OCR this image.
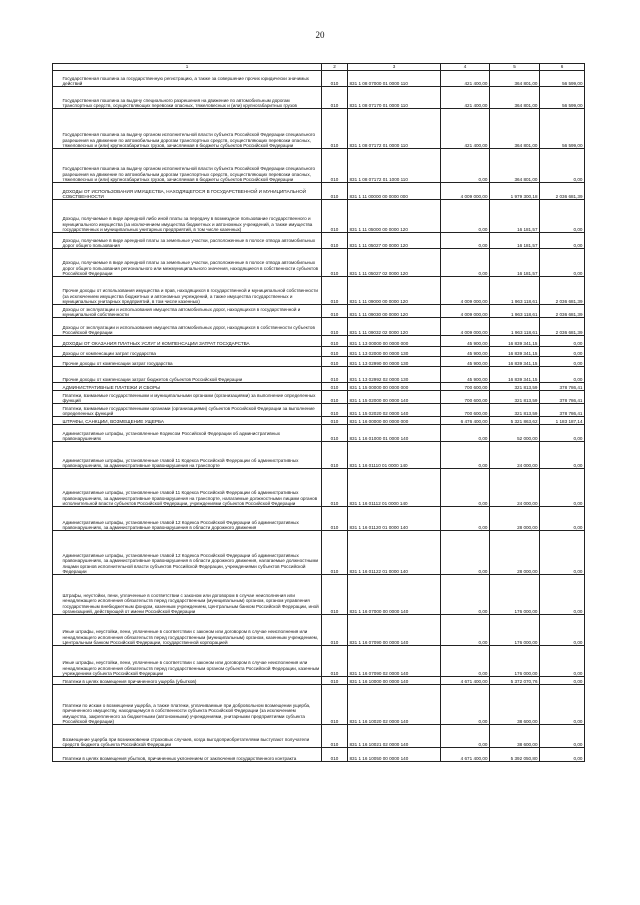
20
1	2	3	4	5	6

Государственная пошлина за государственную регистрацию, а также за совершение прочих юридически значимых действий	010	831 1 08 07000 01 0000 110	421 400,00	364 801,00	56 599,00

Государственная пошлина за выдачу специального разрешения на движение по автомобильным дорогам транспортных средств, осуществляющих перевозки опасных, тяжеловесных и (или) крупногабаритных грузов	010	831 1 08 07170 01 0000 110	421 400,00	364 801,00	56 599,00

Государственная пошлина за выдачу органом исполнительной власти субъекта Российской Федерации специального разрешения на движение по автомобильным дорогам транспортных средств, осуществляющих перевозки опасных, тяжеловесных и (или) крупногабаритных грузов, зачисляемая в бюджеты субъектов Российской Федерации	010	831 1 08 07172 01 0000 110	421 400,00	364 801,00	56 599,00

Государственная пошлина за выдачу органом исполнительной власти субъекта Российской Федерации специального разрешения на движение по автомобильным дорогам транспортных средств, осуществляющих перевозки опасных, тяжеловесных и (или) крупногабаритных грузов, зачисляемая в бюджеты субъектов Российской Федерации	010	831 1 08 07172 01 1000 110	0,00	364 801,00	0,00

ДОХОДЫ ОТ ИСПОЛЬЗОВАНИЯ ИМУЩЕСТВА, НАХОДЯЩЕГОСЯ В ГОСУДАРСТВЕННОЙ И МУНИЦИПАЛЬНОЙ СОБСТВЕННОСТИ	010	831 1 11 00000 00 0000 000	4 009 000,00	1 979 300,18	2 036 681,39

Доходы, получаемые в виде арендной либо иной платы за передачу в возмездное пользование государственного и муниципального имущества (за исключением имущества бюджетных и автономных учреждений, а также имущества государственных и муниципальных унитарных предприятий, в том числе казенных)	010	831 1 11 05000 00 0000 120	0,00	16 181,57	0,00

Доходы, получаемые в виде арендной платы за земельные участки, расположенные в полосе отвода автомобильных дорог общего пользования	010	831 1 11 05027 00 0000 120	0,00	16 181,57	0,00

Доходы, получаемые в виде арендной платы за земельные участки, расположенные в полосе отвода автомобильных дорог общего пользования регионального или межмуниципального значения, находящиеся в собственности субъектов Российской Федерации	010	831 1 11 05027 02 0000 120	0,00	16 181,57	0,00

Прочие доходы от использования имущества и прав, находящихся в государственной и муниципальной собственности (за исключением имущества бюджетных и автономных учреждений, а также имущества государственных и муниципальных унитарных предприятий, в том числе казенных)	010	831 1 11 09000 00 0000 120	4 009 000,00	1 963 118,61	2 036 681,39

Доходы от эксплуатации и использования имущества автомобильных дорог, находящихся в государственной и муниципальной собственности	010	831 1 11 09030 00 0000 120	4 009 000,00	1 963 118,61	2 036 681,39

Доходы от эксплуатации и использования имущества автомобильных дорог, находящихся в собственности субъектов Российской Федерации	010	831 1 11 09032 02 0000 120	4 009 000,00	1 963 118,61	2 036 681,39

ДОХОДЫ ОТ ОКАЗАНИЯ ПЛАТНЫХ УСЛУГ И КОМПЕНСАЦИИ ЗАТРАТ ГОСУДАРСТВА	010	831 1 13 00000 00 0000 000	45 900,00	16 839 341,15	0,00

Доходы от компенсации затрат государства	010	831 1 13 02000 00 0000 130	45 900,00	16 839 341,15	0,00

Прочие доходы от компенсации затрат государства	010	831 1 13 02990 00 0000 130	45 900,00	16 839 341,15	0,00

Прочие доходы от компенсации затрат бюджетов субъектов Российской Федерации	010	831 1 13 02992 02 0000 130	45 900,00	16 839 341,15	0,00

АДМИНИСТРАТИВНЫЕ ПЛАТЕЖИ И СБОРЫ	010	831 1 15 00000 00 0000 000	700 600,00	321 813,59	378 786,41

Платежи, взимаемые государственными и муниципальными органами (организациями) за выполнение определенных функций	010	831 1 15 02000 00 0000 140	700 600,00	321 813,59	378 786,41

Платежи, взимаемые государственными органами (организациями) субъектов Российской Федерации за выполнение определенных функций	010	831 1 15 02020 02 0000 140	700 600,00	321 813,59	378 786,41

ШТРАФЫ, САНКЦИИ, ВОЗМЕЩЕНИЕ УЩЕРБА	010	831 1 16 00000 00 0000 000	6 476 400,00	5 321 863,62	1 183 187,14

Административные штрафы, установленные Кодексом Российской Федерации об административных правонарушениях	010	831 1 16 01000 01 0000 140	0,00	52 000,00	0,00

Административные штрафы, установленные главой 11 Кодекса Российской Федерации об административных правонарушениях, за административные правонарушения на транспорте	010	831 1 16 01110 01 0000 140	0,00	24 000,00	0,00

Административные штрафы, установленные главой 11 Кодекса Российской Федерации об административных правонарушениях, за административные правонарушения на транспорте, налагаемые должностными лицами органов исполнительной власти субъектов Российской Федерации, учреждениями субъектов Российской Федерации	010	831 1 16 01112 01 0000 140	0,00	24 000,00	0,00

Административные штрафы, установленные главой 12 Кодекса Российской Федерации об административных правонарушениях, за административные правонарушения в области дорожного движения	010	831 1 16 01120 01 0000 140	0,00	28 000,00	0,00

Административные штрафы, установленные главой 12 Кодекса Российской Федерации об административных правонарушениях, за административные правонарушения в области дорожного движения, налагаемые должностными лицами органов исполнительной власти субъектов Российской Федерации, учреждениями субъектов Российской Федерации	010	831 1 16 01122 01 0000 140	0,00	28 000,00	0,00

Штрафы, неустойки, пени, уплаченные в соответствии с законом или договором в случае неисполнения или ненадлежащего исполнения обязательств перед государственным (муниципальным) органом, органом управления государственным внебюджетным фондом, казенным учреждением, Центральным банком Российской Федерации, иной организацией, действующей от имени Российской Федерации	010	831 1 16 07000 00 0000 140	0,00	176 000,00	0,00

Иные штрафы, неустойки, пени, уплаченные в соответствии с законом или договором в случае неисполнения или ненадлежащего исполнения обязательств перед государственным (муниципальным) органом, казенным учреждением, Центральным банком Российской Федерации, государственной корпорацией	010	831 1 16 07090 00 0000 140	0,00	176 000,00	0,00

Иные штрафы, неустойки, пени, уплаченные в соответствии с законом или договором в случае неисполнения или ненадлежащего исполнения обязательств перед государственным органом субъекта Российской Федерации, казенным учреждением субъекта Российской Федерации	010	831 1 16 07090 02 0000 140	0,00	176 000,00	0,00

Платежи в целях возмещения причиненного ущерба (убытков)	010	831 1 16 10000 00 0000 140	4 671 400,00	5 372 070,76	0,00

Платежи по искам о возмещении ущерба, а также платежи, уплачиваемые при добровольном возмещении ущерба, причиненного имуществу, находящемуся в собственности субъекта Российской Федерации (за исключением имущества, закрепленного за бюджетными (автономными) учреждениями, унитарными предприятиями субъекта Российской Федерации)	010	831 1 16 10020 02 0000 140	0,00	38 600,00	0,00

Возмещение ущерба при возникновении страховых случаев, когда выгодоприобретателями выступают получатели средств бюджета субъекта Российской Федерации	010	831 1 16 10021 02 0000 140	0,00	38 600,00	0,00

Платежи в целях возмещения убытков, причиненных уклонением от заключения государственного контракта	010	831 1 16 10050 00 0000 140	4 671 400,00	5 392 050,80	0,00
